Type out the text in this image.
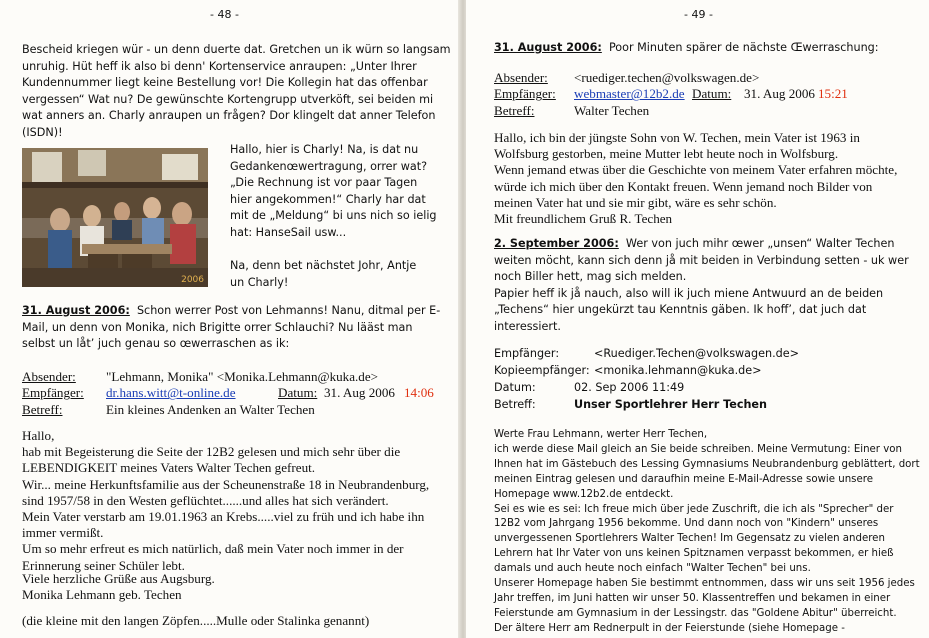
- 48 -
Bescheid kriegen wür - un denn duerte dat. Gretchen un ik würn so langsam
unruhig. Hüt heff ik also bi denn' Kortenservice anraupen: „Unter Ihrer
Kundennummer liegt keine Bestellung vor! Die Kollegin hat das offenbar
vergessen“ Wat nu? De gewünschte Kortengrupp utverköft, sei beiden mi
wat anners an. Charly anraupen un frågen? Dor klingelt dat anner Telefon
(ISDN)!
2006
Hallo, hier is Charly! Na, is dat nu
Gedankenœwertragung, orrer wat?
„Die Rechnung ist vor paar Tagen
hier angekommen!“ Charly har dat
mit de „Meldung“ bi uns nich so ielig
hat: HanseSail usw...
Na, denn bet nächstet Johr, Antje
un Charly!
31. August 2006: Schon werrer Post von Lehmanns! Nanu, ditmal per E-
Mail, un denn von Monika, nich Brigitte orrer Schlauchi? Nu lääst man
selbst un låt’ juch genau so œwerraschen as ik:
Absender: "Lehmann, Monika" <Monika.Lehmann@kuka.de>
Empfänger: dr.hans.witt@t-online.de	Datum: 31. Aug 2006 14:06
Betreff:	Ein kleines Andenken an Walter Techen
Hallo,
hab mit Begeisterung die Seite der 12B2 gelesen und mich sehr über die
LEBENDIGKEIT meines Vaters Walter Techen gefreut.
Wir... meine Herkunftsfamilie aus der Scheunenstraße 18 in Neubrandenburg,
sind 1957/58 in den Westen geflüchtet......und alles hat sich verändert.
Mein Vater verstarb am 19.01.1963 an Krebs.....viel zu früh und ich habe ihn
immer vermißt.
Um so mehr erfreut es mich natürlich, daß mein Vater noch immer in der
Erinnerung seiner Schüler lebt.
Viele herzliche Grüße aus Augsburg.
Monika Lehmann geb. Techen
(die kleine mit den langen Zöpfen.....Mulle oder Stalinka genannt)
- 49 -
31. August 2006: Poor Minuten spärer de nächste Œwerraschung:
Absender: <ruediger.techen@volkswagen.de>
Empfänger: webmaster@12b2.de Datum: 31. Aug 2006 15:21
Betreff:	Walter Techen
Hallo, ich bin der jüngste Sohn von W. Techen, mein Vater ist 1963 in
Wolfsburg gestorben, meine Mutter lebt heute noch in Wolfsburg.
Wenn jemand etwas über die Geschichte von meinem Vater erfahren möchte,
würde ich mich über den Kontakt freuen. Wenn jemand noch Bilder von
meinen Vater hat und sie mir gibt, wäre es sehr schön.
Mit freundlichem Gruß R. Techen
2. September 2006: Wer von juch mihr œwer „unsen“ Walter Techen
weiten möcht, kann sich denn jå mit beiden in Verbindung setten - uk wer
noch Biller hett, mag sich melden.
Papier heff ik jå nauch, also will ik juch miene Antwuurd an de beiden
„Techens“ hier ungekürzt tau Kenntnis gäben. Ik hoff’, dat juch dat
interessiert.
Empfänger:	<Ruediger.Techen@volkswagen.de>
Kopieempfänger: <monika.lehmann@kuka.de>
Datum:	02. Sep 2006 11:49
Betreff:	Unser Sportlehrer Herr Techen
Werte Frau Lehmann, werter Herr Techen,
ich werde diese Mail gleich an Sie beide schreiben. Meine Vermutung: Einer von
Ihnen hat im Gästebuch des Lessing Gymnasiums Neubrandenburg geblättert, dort
meinen Eintrag gelesen und daraufhin meine E-Mail-Adresse sowie unsere
Homepage www.12b2.de entdeckt.
Sei es wie es sei: Ich freue mich über jede Zuschrift, die ich als "Sprecher" der
12B2 vom Jahrgang 1956 bekomme. Und dann noch von "Kindern" unseres
unvergessenen Sportlehrers Walter Techen! Im Gegensatz zu vielen anderen
Lehrern hat Ihr Vater von uns keinen Spitznamen verpasst bekommen, er hieß
damals und auch heute noch einfach "Walter Techen" bei uns.
Unserer Homepage haben Sie bestimmt entnommen, dass wir uns seit 1956 jedes
Jahr treffen, im Juni hatten wir unser 50. Klassentreffen und bekamen in einer
Feierstunde am Gymnasium in der Lessingstr. das "Goldene Abitur" überreicht.
Der ältere Herr am Rednerpult in der Feierstunde (siehe Homepage -
